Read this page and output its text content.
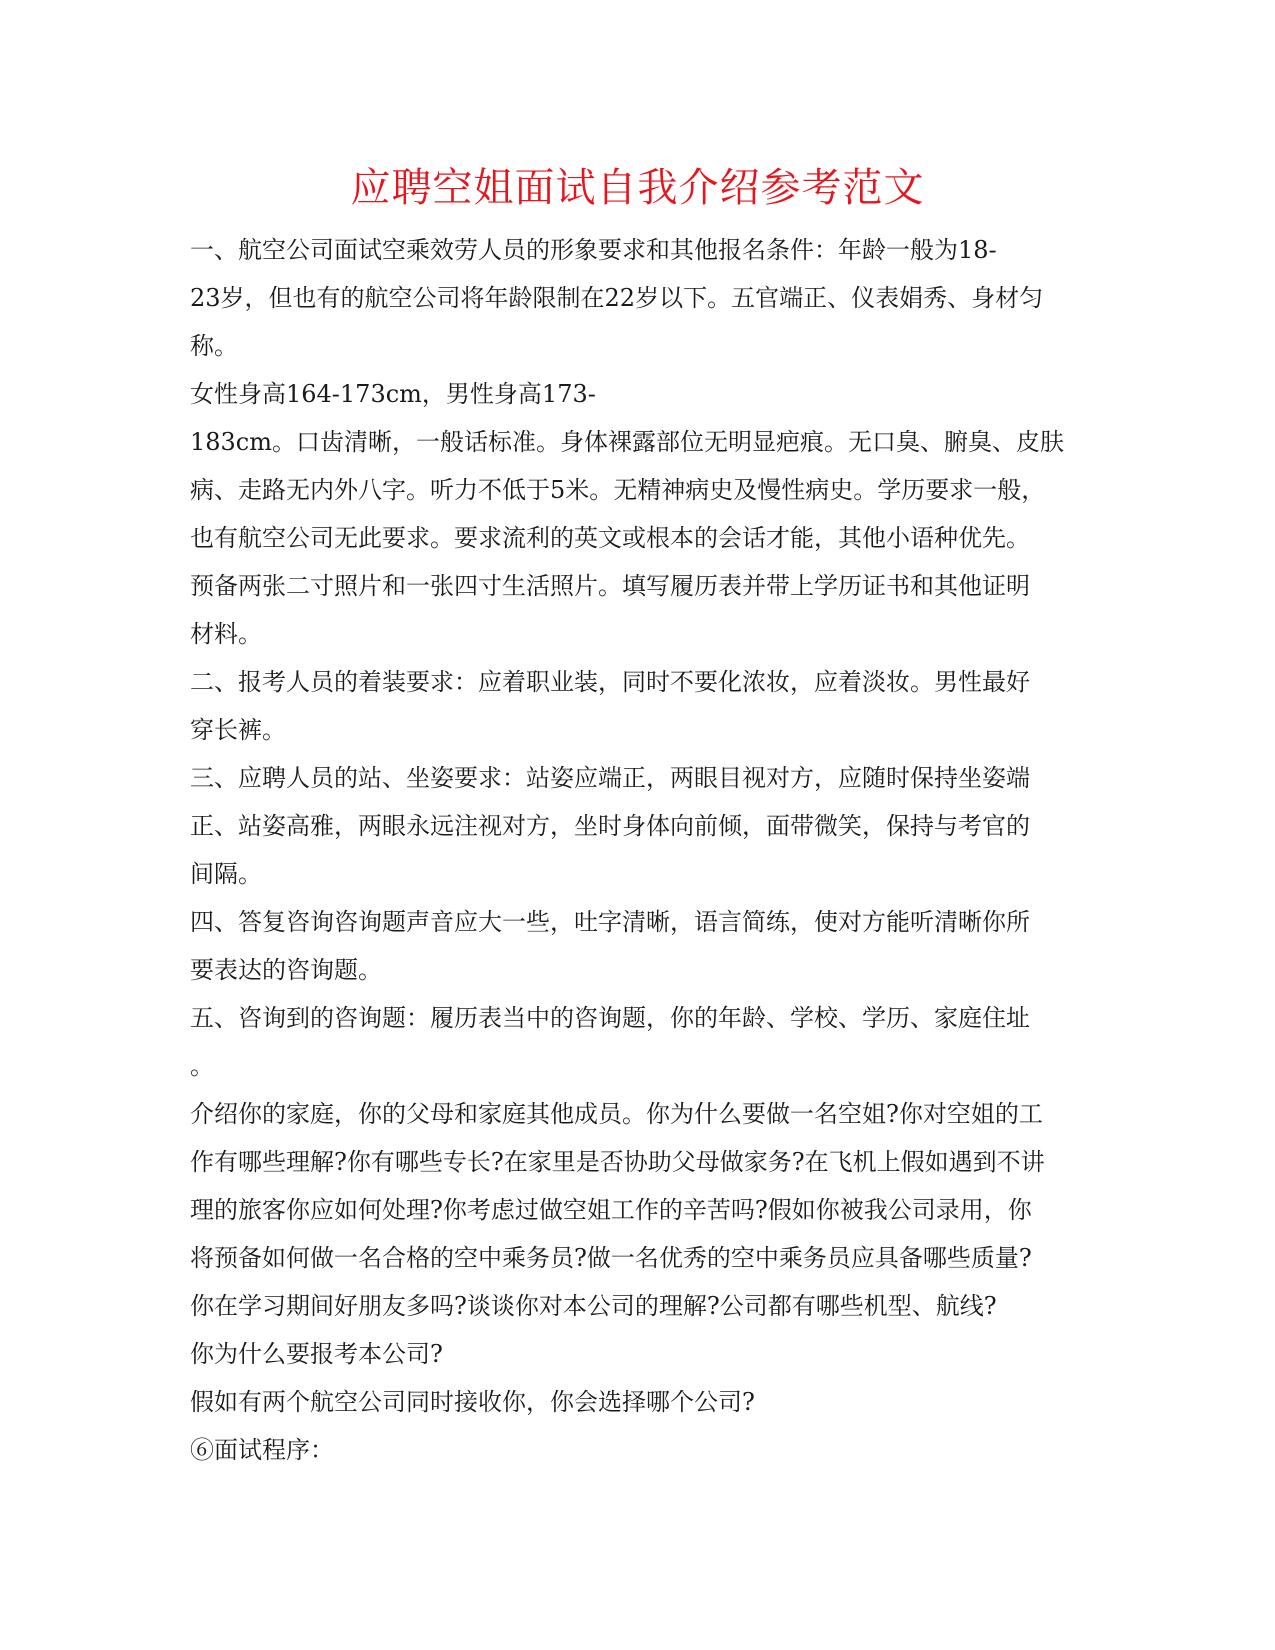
应聘空姐面试自我介绍参考范文
一、航空公司面试空乘效劳人员的形象要求和其他报名条件：年龄一般为18-
23岁，但也有的航空公司将年龄限制在22岁以下。五官端正、仪表娟秀、身材匀
称。
女性身高164-173cm，男性身高173-
183cm。口齿清晰，一般话标准。身体裸露部位无明显疤痕。无口臭、腑臭、皮肤
病、走路无内外八字。听力不低于5米。无精神病史及慢性病史。学历要求一般，
也有航空公司无此要求。要求流利的英文或根本的会话才能，其他小语种优先。
预备两张二寸照片和一张四寸生活照片。填写履历表并带上学历证书和其他证明
材料。
二、报考人员的着装要求：应着职业装，同时不要化浓妆，应着淡妆。男性最好
穿长裤。
三、应聘人员的站、坐姿要求：站姿应端正，两眼目视对方，应随时保持坐姿端
正、站姿高雅，两眼永远注视对方，坐时身体向前倾，面带微笑，保持与考官的
间隔。
四、答复咨询咨询题声音应大一些，吐字清晰，语言简练，使对方能听清晰你所
要表达的咨询题。
五、咨询到的咨询题：履历表当中的咨询题，你的年龄、学校、学历、家庭住址
。
介绍你的家庭，你的父母和家庭其他成员。你为什么要做一名空姐?你对空姐的工
作有哪些理解?你有哪些专长?在家里是否协助父母做家务?在飞机上假如遇到不讲
理的旅客你应如何处理?你考虑过做空姐工作的辛苦吗?假如你被我公司录用，你
将预备如何做一名合格的空中乘务员?做一名优秀的空中乘务员应具备哪些质量?
你在学习期间好朋友多吗?谈谈你对本公司的理解?公司都有哪些机型、航线?
你为什么要报考本公司?
假如有两个航空公司同时接收你，你会选择哪个公司?
⑥面试程序：
